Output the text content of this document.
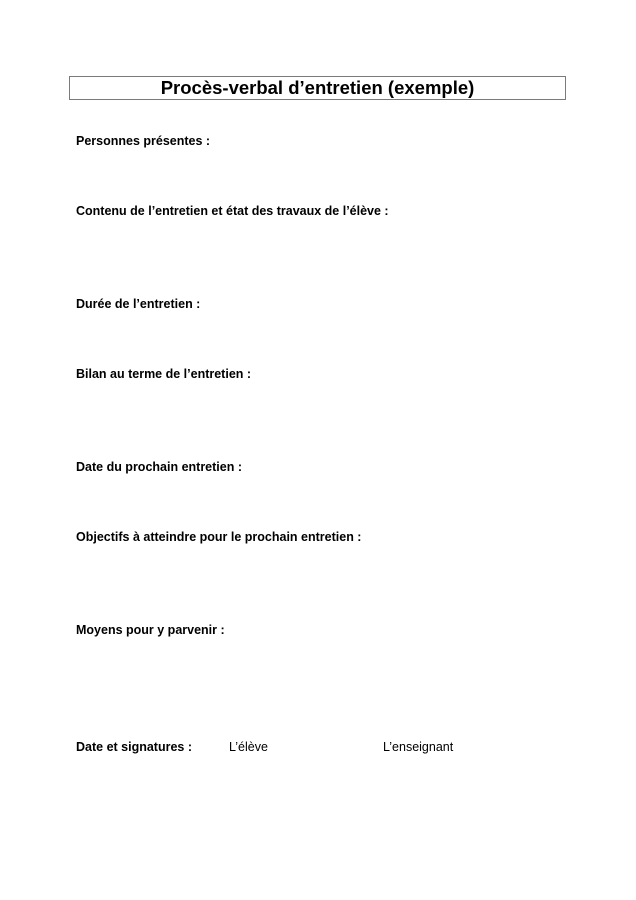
Procès-verbal d’entretien (exemple)
Personnes présentes :
Contenu de l’entretien et état des travaux de l’élève :
Durée de l’entretien :
Bilan au terme de l’entretien :
Date du prochain entretien :
Objectifs à atteindre pour le prochain entretien :
Moyens pour y parvenir :
Date et signatures :	L’élève	L’enseignant
